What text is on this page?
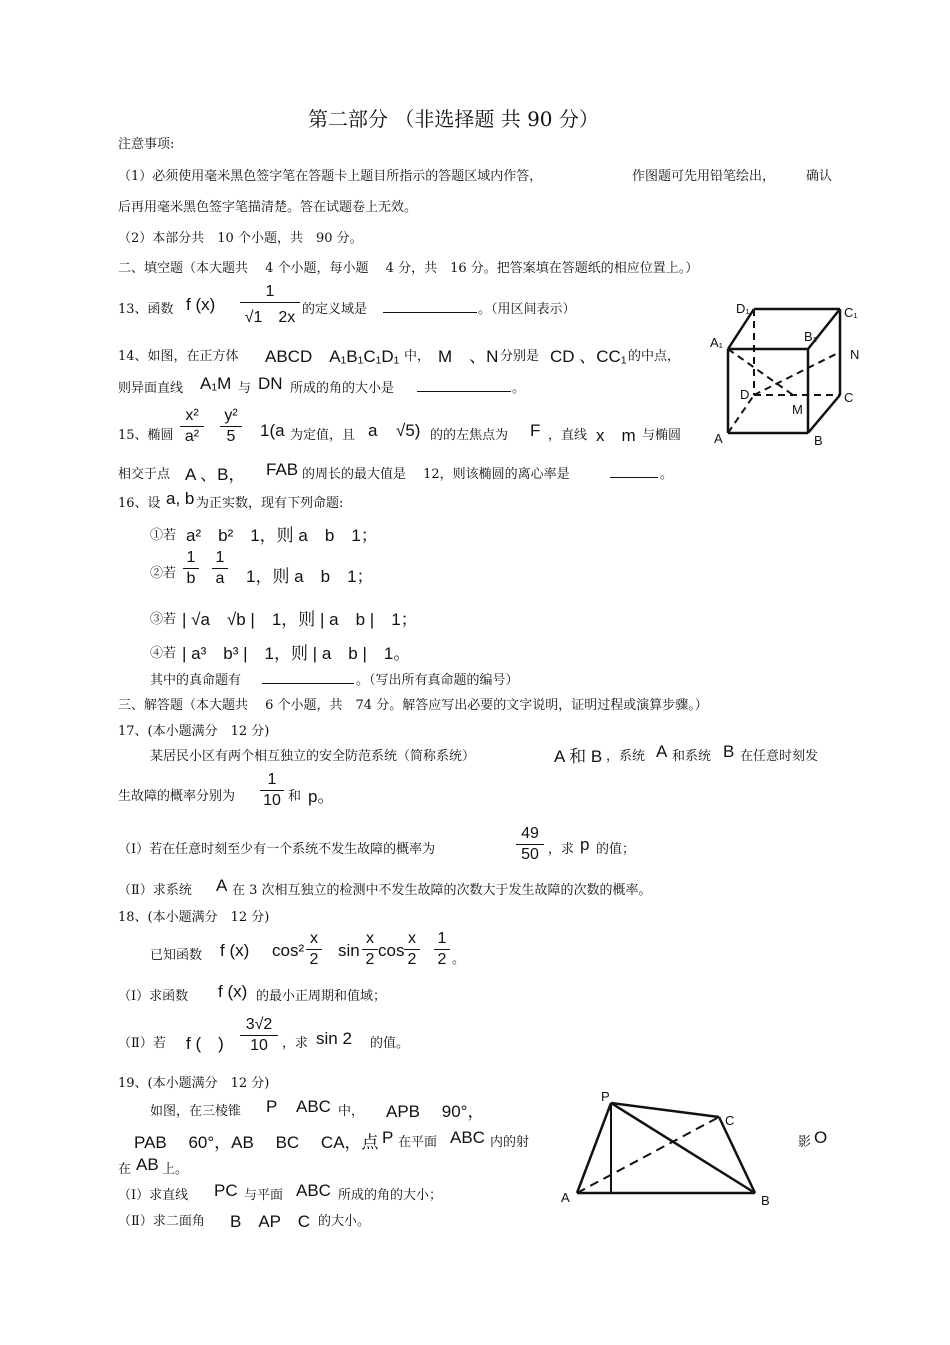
第二部分 （非选择题 共 90 分）
注意事项:
（1）必须使用毫米黑色签字笔在答题卡上题目所指示的答题区域内作答，	作图题可先用铅笔绘出， 确认
后再用毫米黑色签字笔描清楚。答在试题卷上无效。
（2）本部分共　10 个小题，共　90 分。
二、填空题（本大题共　 4 个小题，每小题　 4 分，共　16 分。把答案填在答题纸的相应位置上。）
13、函数 f (x)
1
√1　2x 的定义域是	。（用区间表示）
14、如图，在正方体 ABCD　A₁B₁C₁D₁ 中， M　、N 分别是 CD 、CC₁ 的中点，
则异面直线 A₁M 与 DN 所成的角的大小是	。
15、椭圆
x²
a²
y²
5	1(a 为定值，且 a √5) 的的左焦点为 F ，直线 x　m 与椭圆
相交于点 A 、B， FAB 的周长的最大值是　 12，则该椭圆的离心率是	。
16、设 a, b 为正实数，现有下列命题:
①若 a²　b²　1，则 a　b　1；
②若
1
b
1
a 1，则 a　b　1；
③若 | √a　√b |　1，则 | a　b |　1；
④若 | a³　b³ |　1，则 | a　b |　1。
其中的真命题有	。（写出所有真命题的编号）
三、解答题（本大题共　 6 个小题，共　74 分。解答应写出必要的文字说明，证明过程或演算步骤。）
17、(本小题满分　12 分)
某居民小区有两个相互独立的安全防范系统（简称系统）	A 和 B ，系统 A 和系统 B 在任意时刻发
生故障的概率分别为
1
10 和 p。
（Ⅰ）若在任意时刻至少有一个系统不发生故障的概率为
49
50 ，求 p 的值；
（Ⅱ）求系统 A 在 3 次相互独立的检测中不发生故障的次数大于发生故障的次数的概率。
18、(本小题满分　12 分)
已知函数 f (x) cos²
x
2 sin
x
2 cos
x
2
1
2 。
（Ⅰ）求函数 f (x) 的最小正周期和值域；
（Ⅱ）若 f (　)
3√2
10	，求 sin 2 的值。
19、(本小题满分　12 分)
如图，在三棱锥 P ABC 中， APB　 90°，
PAB　 60°，AB　 BC　 CA，点 P 在平面 ABC 内的射	影 O
在 AB 上。
（Ⅰ）求直线 PC 与平面 ABC 所成的角的大小；
（Ⅱ）求二面角 B　AP　C 的大小。
D₁	C₁
B₁
A₁
N
D
M
C
A	B
P
C
A	B
